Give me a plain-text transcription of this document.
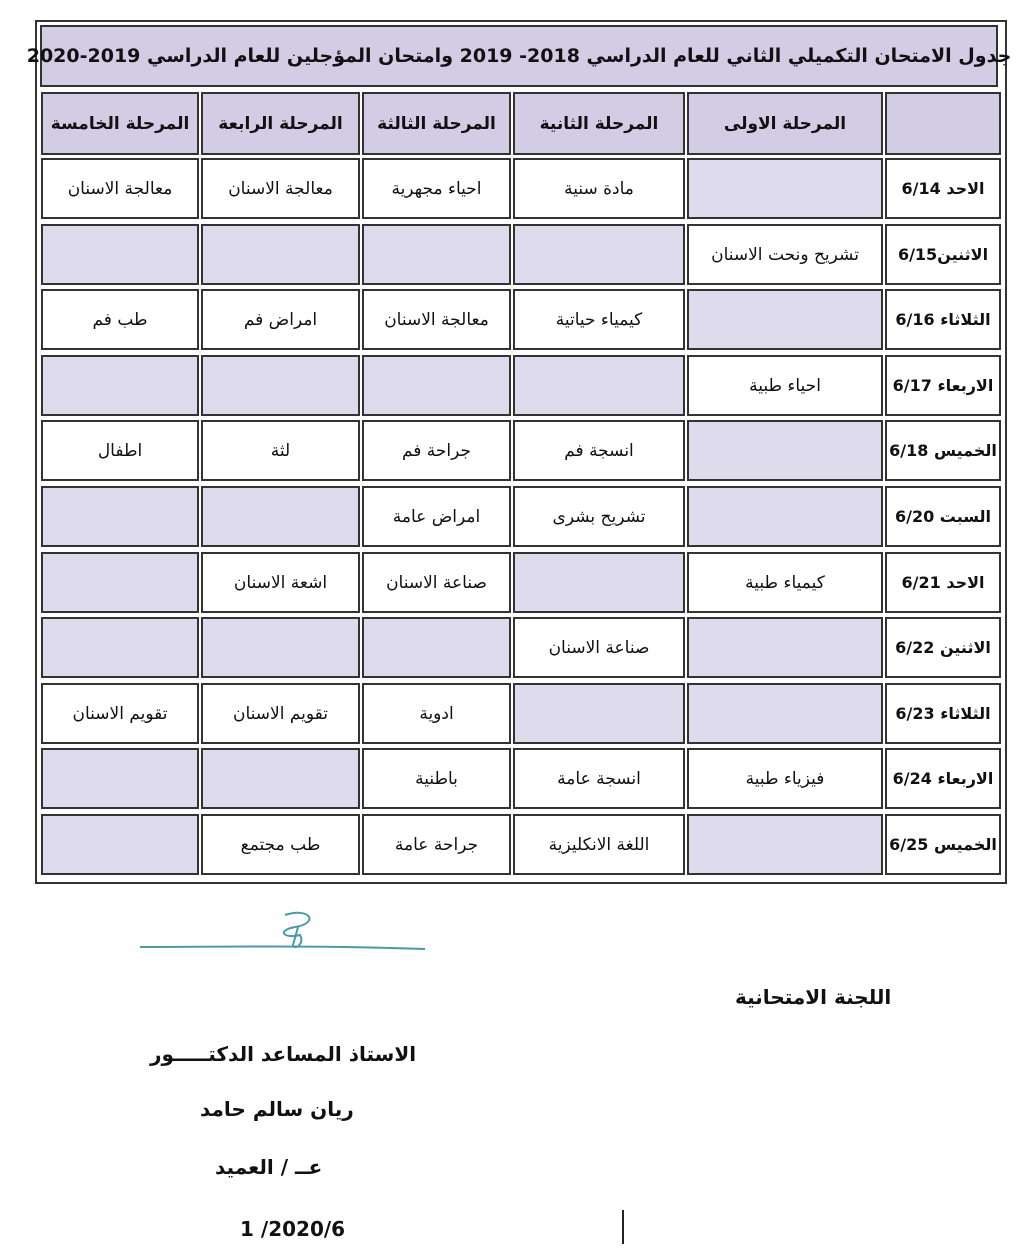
جدول الامتحان التكميلي الثاني للعام الدراسي 2018- 2019 وامتحان المؤجلين للعام الدراسي 2019-2020
المرحلة الاولى
المرحلة الثانية
المرحلة الثالثة
المرحلة الرابعة
المرحلة الخامسة
الاحد 6/14
مادة سنية
احياء مجهرية
معالجة الاسنان
معالجة الاسنان
الاثنين6/15
تشريح ونحت الاسنان
الثلاثاء 6/16
كيمياء حياتية
معالجة الاسنان
امراض فم
طب فم
الاربعاء 6/17
احياء طبية
الخميس 6/18
انسجة فم
جراحة فم
لثة
اطفال
السبت 6/20
تشريح بشرى
امراض عامة
الاحد 6/21
كيمياء طبية
صناعة الاسنان
اشعة الاسنان
الاثنين 6/22
صناعة الاسنان
الثلاثاء 6/23
ادوية
تقويم الاسنان
تقويم الاسنان
الاربعاء 6/24
فيزياء طبية
انسجة عامة
باطنية
الخميس 6/25
اللغة الانكليزية
جراحة عامة
طب مجتمع
اللجنة الامتحانية
الاستاذ المساعد الدكتـــــور
ريان سالم حامد
عــ / العميد
2020/6/ 1
